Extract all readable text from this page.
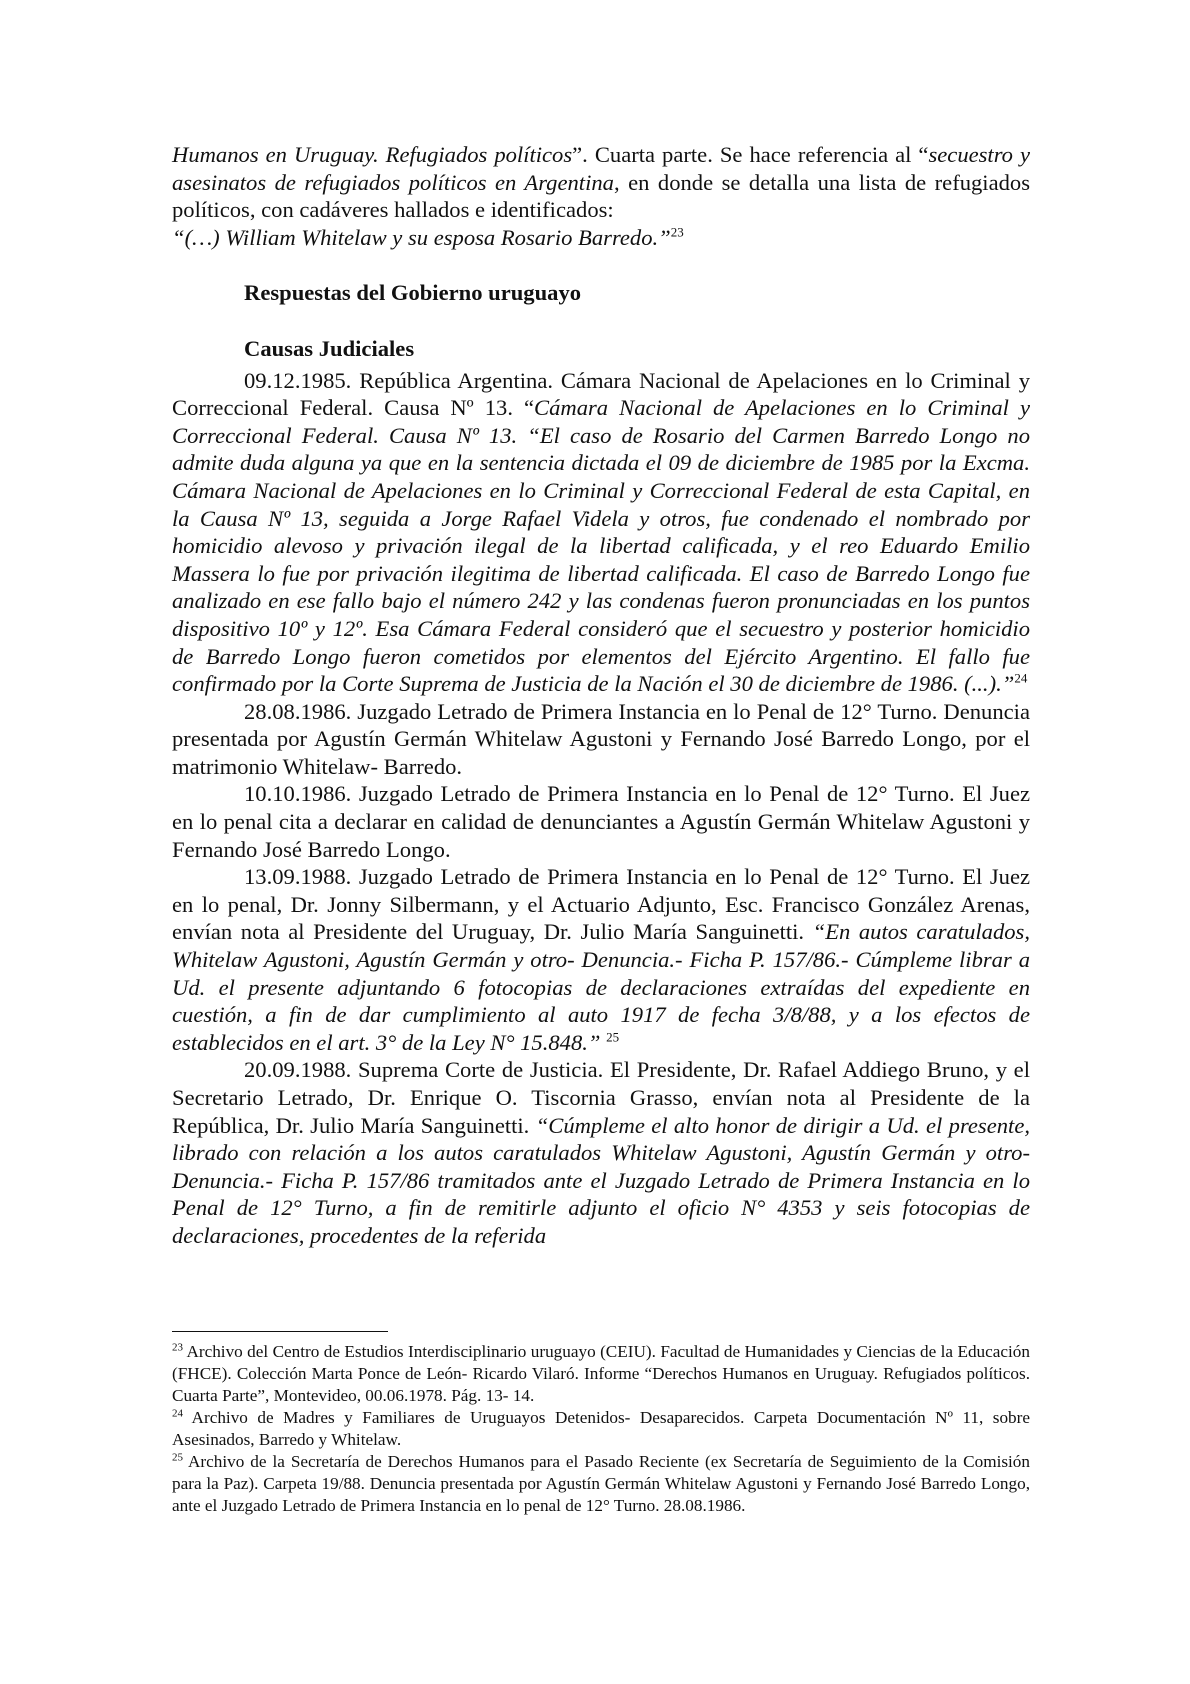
Humanos en Uruguay. Refugiados políticos”. Cuarta parte. Se hace referencia al “secuestro y asesinatos de refugiados políticos en Argentina, en donde se detalla una lista de refugiados políticos, con cadáveres hallados e identificados:
“(…) William Whitelaw y su esposa Rosario Barredo.”$^{23}$

Respuestas del Gobierno uruguayo
Causas Judiciales

09.12.1985. República Argentina. Cámara Nacional de Apelaciones en lo Criminal y Correccional Federal. Causa Nº 13. “Cámara Nacional de Apelaciones en lo Criminal y Correccional Federal. Causa Nº 13. “El caso de Rosario del Carmen Barredo Longo no admite duda alguna ya que en la sentencia dictada el 09 de diciembre de 1985 por la Excma. Cámara Nacional de Apelaciones en lo Criminal y Correccional Federal de esta Capital, en la Causa Nº 13, seguida a Jorge Rafael Videla y otros, fue condenado el nombrado por homicidio alevoso y privación ilegal de la libertad calificada, y el reo Eduardo Emilio Massera lo fue por privación ilegitima de libertad calificada. El caso de Barredo Longo fue analizado en ese fallo bajo el número 242 y las condenas fueron pronunciadas en los puntos dispositivo 10º y 12º. Esa Cámara Federal consideró que el secuestro y posterior homicidio de Barredo Longo fueron cometidos por elementos del Ejército Argentino. El fallo fue confirmado por la Corte Suprema de Justicia de la Nación el 30 de diciembre de 1986. (...).”$^{24}$

28.08.1986. Juzgado Letrado de Primera Instancia en lo Penal de 12° Turno. Denuncia presentada por Agustín Germán Whitelaw Agustoni y Fernando José Barredo Longo, por el matrimonio Whitelaw- Barredo.

10.10.1986. Juzgado Letrado de Primera Instancia en lo Penal de 12° Turno. El Juez en lo penal cita a declarar en calidad de denunciantes a Agustín Germán Whitelaw Agustoni y Fernando José Barredo Longo.

13.09.1988. Juzgado Letrado de Primera Instancia en lo Penal de 12° Turno. El Juez en lo penal, Dr. Jonny Silbermann, y el Actuario Adjunto, Esc. Francisco González Arenas, envían nota al Presidente del Uruguay, Dr. Julio María Sanguinetti. “En autos caratulados, Whitelaw Agustoni, Agustín Germán y otro- Denuncia.- Ficha P. 157/86.- Cúmpleme librar a Ud. el presente adjuntando 6 fotocopias de declaraciones extraídas del expediente en cuestión, a fin de dar cumplimiento al auto 1917 de fecha 3/8/88, y a los efectos de establecidos en el art. 3° de la Ley N° 15.848.” $^{25}$

20.09.1988. Suprema Corte de Justicia. El Presidente, Dr. Rafael Addiego Bruno, y el Secretario Letrado, Dr. Enrique O. Tiscornia Grasso, envían nota al Presidente de la República, Dr. Julio María Sanguinetti. “Cúmpleme el alto honor de dirigir a Ud. el presente, librado con relación a los autos caratulados Whitelaw Agustoni, Agustín Germán y otro- Denuncia.- Ficha P. 157/86 tramitados ante el Juzgado Letrado de Primera Instancia en lo Penal de 12° Turno, a fin de remitirle adjunto el oficio N° 4353 y seis fotocopias de declaraciones, procedentes de la referida

$^{23}$ Archivo del Centro de Estudios Interdisciplinario uruguayo (CEIU). Facultad de Humanidades y Ciencias de la Educación (FHCE). Colección Marta Ponce de León- Ricardo Vilaró. Informe “Derechos Humanos en Uruguay. Refugiados políticos. Cuarta Parte”, Montevideo, 00.06.1978. Pág. 13- 14.

$^{24}$ Archivo de Madres y Familiares de Uruguayos Detenidos- Desaparecidos. Carpeta Documentación Nº 11, sobre Asesinados, Barredo y Whitelaw.

$^{25}$ Archivo de la Secretaría de Derechos Humanos para el Pasado Reciente (ex Secretaría de Seguimiento de la Comisión para la Paz). Carpeta 19/88. Denuncia presentada por Agustín Germán Whitelaw Agustoni y Fernando José Barredo Longo, ante el Juzgado Letrado de Primera Instancia en lo penal de 12° Turno. 28.08.1986.
